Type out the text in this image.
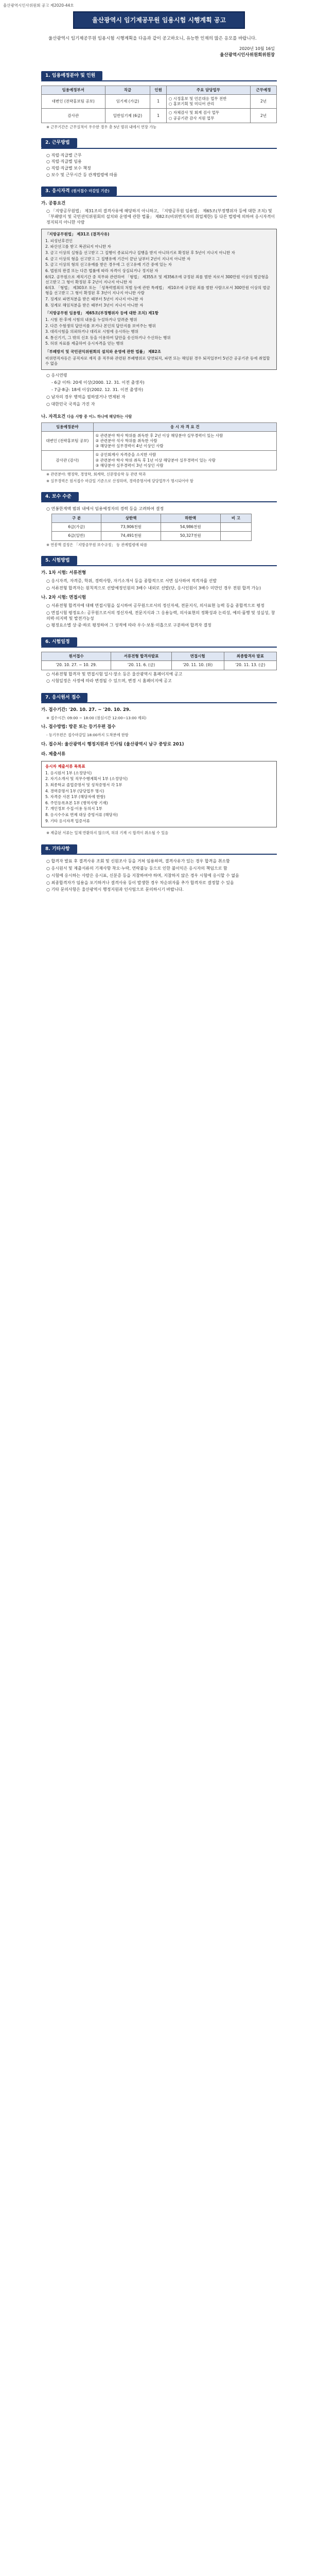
울산광역시인사위원회 공고 제2020-44호
울산광역시 임기제공무원 임용시험 시행계획 공고
울산광역시 임기제공무원 임용시험 시행계획을 다음과 같이 공고하오니, 유능한 인재의 많은 응모를 바랍니다.
2020년 10월 16일
울산광역시인사위원회위원장
1. 임용예정분야 및 인원
임용예정부서	직급	인원	주요 담당업무	근무예정
대변인 (전략홍보팀 공보)	임기제 (가급)	1	○ 시정홍보 및 언론대응 업무 전반
○ 홍보기획 및 미디어 관리	2년
감사관	일반임기제 (6급)	1	○ 자체감사 및 회계 검사 업무
○ 공공기관 감사 지원 업무	2년
※ 근무기간은 근무실적이 우수한 경우 총 5년 범위 내에서 연장 가능
2. 근무방법
○ 직렬·직급별 근무
○ 직렬·직급별 임용
○ 직렬·직급별 보수 책정
○ 보수 및 근무시간 등 관계법령에 따름
3. 응시자격 (원서접수 마감일 기준)
가. 공통요건
○ 「지방공무원법」 제31조의 결격사유에 해당하지 아니하고, 「지방공무원 임용령」 제65조(부정행위자 등에 대한 조치) 및 「부패방지 및 국민권익위원회의 설치와 운영에 관한 법률」 제82조(비위면직자의 취업제한) 등 다른 법령에 의하여 응시자격이 정지되지 아니한 사람
「지방공무원법」 제31조 (결격사유)
1. 피성년후견인
2. 파산선고를 받고 복권되지 아니한 자
3. 금고 이상의 실형을 선고받고 그 집행이 종료되거나 집행을 받지 아니하기로 확정된 후 5년이 지나지 아니한 자
4. 금고 이상의 형을 선고받고 그 집행유예 기간이 끝난 날부터 2년이 지나지 아니한 자
5. 금고 이상의 형의 선고유예를 받은 경우에 그 선고유예 기간 중에 있는 자
6. 법원의 판결 또는 다른 법률에 따라 자격이 상실되거나 정지된 자
6의2. 공무원으로 재직기간 중 직무와 관련하여 「형법」 제355조 및 제356조에 규정된 죄를 범한 자로서 300만원 이상의 벌금형을 선고받고 그 형이 확정된 후 2년이 지나지 아니한 자
6의3. 「형법」 제303조 또는 「성폭력범죄의 처벌 등에 관한 특례법」 제10조에 규정된 죄를 범한 사람으로서 300만원 이상의 벌금형을 선고받고 그 형이 확정된 후 3년이 지나지 아니한 사람
7. 징계로 파면처분을 받은 때부터 5년이 지나지 아니한 자
8. 징계로 해임처분을 받은 때부터 3년이 지나지 아니한 자
「지방공무원 임용령」 제65조(부정행위자 등에 대한 조치) 제1항
1. 시험 전·후에 시험의 내용을 누설하거나 알려준 행위
2. 다른 수험생의 답안지를 보거나 본인의 답안지를 보여주는 행위
3. 대리시험을 의뢰하거나 대리로 시험에 응시하는 행위
4. 통신기기, 그 밖의 신호 등을 이용하여 답안을 송신하거나 수신하는 행위
5. 허위 자료를 제출하여 응시자격을 얻는 행위
「부패방지 및 국민권익위원회의 설치와 운영에 관한 법률」 제82조
비위면직자등은 공직자로 재직 중 직무와 관련된 부패행위로 당연퇴직, 파면 또는 해임된 경우 퇴직일부터 5년간 공공기관 등에 취업할 수 없음
○ 응시연령
- 6급 이하: 20세 이상(2000. 12. 31. 이전 출생자)
- 7급·8급: 18세 이상(2002. 12. 31. 이전 출생자)
○ 남자의 경우 병역을 필하였거나 면제된 자
○ 대한민국 국적을 가진 자
나. 자격요건 다음 사항 중 어느 하나에 해당하는 사람
임용예정분야	응 시 자 격 요 건
대변인 (전략홍보팀 공보)	① 관련분야 학사 학위를 취득한 후 2년 이상 해당분야 실무경력이 있는 사람
② 관련분야 석사 학위를 취득한 사람
③ 해당분야 실무경력이 4년 이상인 사람
감사관 (감사)	① 공인회계사 자격증을 소지한 사람
② 관련분야 학사 학위 취득 후 1년 이상 해당분야 실무경력이 있는 사람
③ 해당분야 실무경력이 3년 이상인 사람
※ 관련분야: 행정학, 경영학, 회계학, 신문방송학 등 관련 학과
※ 실무경력은 원서접수 마감일 기준으로 산정하며, 경력증명서에 담당업무가 명시되어야 함
4. 보수 수준
○ 연봉한계액 범위 내에서 임용예정자의 경력 등을 고려하여 결정
구 분	상한액	하한액	비 고
6급(가급)	73,906천원	54,986천원	
6급(일반)	74,491천원	50,327천원	
※ 연봉액 결정은 「지방공무원 보수규정」 등 관계법령에 따름
5. 시험방법
가. 1차 시험: 서류전형
○ 응시자격, 자격증, 학위, 경력사항, 자기소개서 등을 종합적으로 서면 심사하여 적격자를 선발
○ 서류전형 합격자는 원칙적으로 선발예정인원의 3배수 내외로 선발(단, 응시인원이 3배수 미만인 경우 전원 합격 가능)
나. 2차 시험: 면접시험
○ 서류전형 합격자에 대해 면접시험을 실시하여 공무원으로서의 정신자세, 전문지식, 의사표현 능력 등을 종합적으로 평정
○ 면접시험 평정요소: 공무원으로서의 정신자세, 전문지식과 그 응용능력, 의사표현의 정확성과 논리성, 예의·품행 및 성실성, 창의력·의지력 및 발전가능성
○ 평정요소별 상·중·하로 평정하여 그 성적에 따라 우수·보통·미흡으로 구분하여 합격자 결정
6. 시험일정
원서접수	서류전형 합격자발표	면접시험	최종합격자 발표
'20. 10. 27. ~ 10. 29.	'20. 11. 6. (금)	'20. 11. 10. (화)	'20. 11. 13. (금)
○ 서류전형 합격자 및 면접시험 일시·장소 등은 울산광역시 홈페이지에 공고
○ 시험일정은 사정에 따라 변경될 수 있으며, 변경 시 홈페이지에 공고
7. 응시원서 접수
가. 접수기간: '20. 10. 27. ~ '20. 10. 29.
※ 접수시간: 09:00 ~ 18:00 (점심시간 12:00~13:00 제외)
나. 접수방법: 방문 또는 등기우편 접수
- 등기우편은 접수마감일 18:00까지 도착분에 한함
다. 접수처: 울산광역시 행정지원과 인사팀 (울산광역시 남구 중앙로 201)
라. 제출서류
응시자 제출서류 목록표
1. 응시원서 1부 (소정양식)
2. 자기소개서 및 직무수행계획서 1부 (소정양식)
3. 최종학교 졸업증명서 및 성적증명서 각 1부
4. 경력증명서 1부 (담당업무 명시)
5. 자격증 사본 1부 (해당자에 한함)
6. 주민등록초본 1부 (병역사항 기재)
7. 개인정보 수집·이용 동의서 1부
8. 응시수수료 면제 대상 증빙서류 (해당자)
9. 기타 응시자격 입증서류
※ 제출된 서류는 일체 반환하지 않으며, 허위 기재 시 합격이 취소될 수 있음
8. 기타사항
○ 합격자 발표 후 결격사유 조회 및 신원조사 등을 거쳐 임용하며, 결격사유가 있는 경우 합격을 취소함
○ 응시원서 및 제출서류의 기재사항 착오·누락, 연락불능 등으로 인한 불이익은 응시자의 책임으로 함
○ 시험에 응시하는 사람은 응시표, 신분증 등을 지참하여야 하며, 지참하지 않은 경우 시험에 응시할 수 없음
○ 최종합격자가 임용을 포기하거나 결격사유 등이 발생한 경우 차순위자를 추가 합격자로 결정할 수 있음
○ 기타 문의사항은 울산광역시 행정지원과 인사팀으로 문의하시기 바랍니다.
